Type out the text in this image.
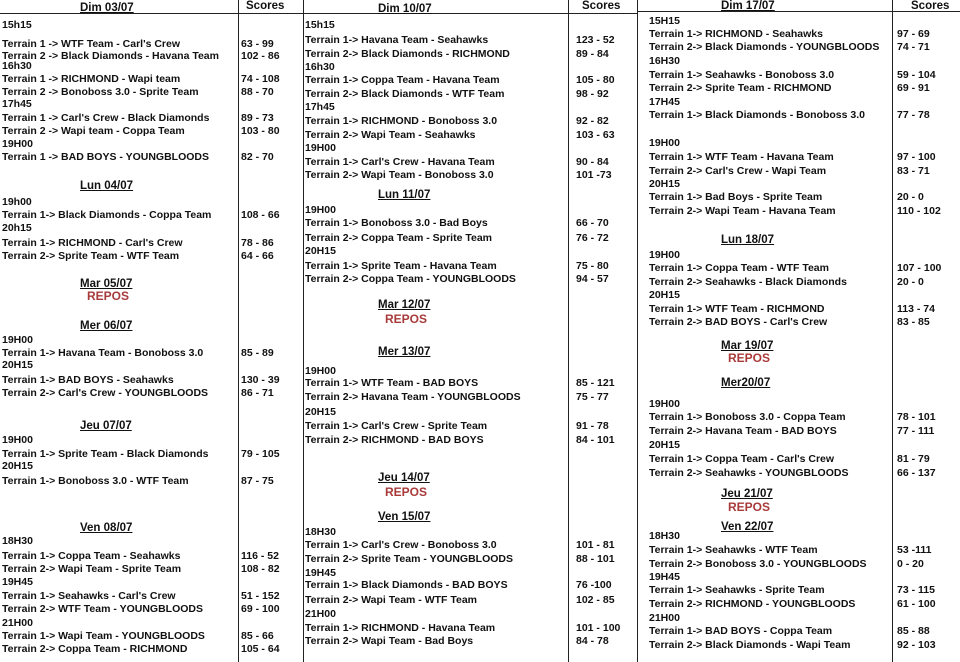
Scores	Scores	Scores
Dim 03/07
15h15
Terrain 1 -> WTF Team - Carl's Crew	63 - 99
Terrain 2 -> Black Diamonds - Havana Team 102 - 86
16h30
Terrain 1 -> RICHMOND - Wapi team	74 - 108
Terrain 2 -> Bonoboss 3.0 - Sprite Team	88 - 70
17h45
Terrain 1 -> Carl's Crew - Black Diamonds	89 - 73
Terrain 2 -> Wapi team - Coppa Team	103 - 80
19H00
Terrain 1 -> BAD BOYS - YOUNGBLOODS	82 - 70
Lun 04/07
19h00
Terrain 1-> Black Diamonds - Coppa Team	108 - 66
20h15
Terrain 1-> RICHMOND - Carl's Crew	78 - 86
Terrain 2-> Sprite Team - WTF Team	64 - 66
Mar 05/07
REPOS
Mer 06/07
19H00
Terrain 1-> Havana Team - Bonoboss 3.0	85 - 89
20H15
Terrain 1-> BAD BOYS - Seahawks	130 - 39
Terrain 2-> Carl's Crew - YOUNGBLOODS	86 - 71
Jeu 07/07
19H00
Terrain 1-> Sprite Team - Black Diamonds	79 - 105
20H15
Terrain 1-> Bonoboss 3.0 - WTF Team	87 - 75
Ven 08/07
18H30
Terrain 1-> Coppa Team - Seahawks	116 - 52
Terrain 2-> Wapi Team - Sprite Team	108 - 82
19H45
Terrain 1-> Seahawks - Carl's Crew	51 - 152
Terrain 2-> WTF Team - YOUNGBLOODS	69 - 100
21H00
Terrain 1-> Wapi Team - YOUNGBLOODS	85 - 66
Terrain 2-> Coppa Team - RICHMOND	105 - 64
Dim 10/07
15h15
Terrain 1-> Havana Team - Seahawks	123 - 52
Terrain 2-> Black Diamonds - RICHMOND	89 - 84
16h30
Terrain 1-> Coppa Team - Havana Team	105 - 80
Terrain 2-> Black Diamonds - WTF Team	98 - 92
17h45
Terrain 1-> RICHMOND - Bonoboss 3.0	92 - 82
Terrain 2-> Wapi Team - Seahawks	103 - 63
19H00
Terrain 1-> Carl's Crew - Havana Team	90 - 84
Terrain 2-> Wapi Team - Bonoboss 3.0	101 -73
Lun 11/07
19H00
Terrain 1-> Bonoboss 3.0 - Bad Boys	66 - 70
Terrain 2-> Coppa Team - Sprite Team	76 - 72
20H15
Terrain 1-> Sprite Team - Havana Team	75 - 80
Terrain 2-> Coppa Team - YOUNGBLOODS	94 - 57
Mar 12/07
REPOS
Mer 13/07
19H00
Terrain 1-> WTF Team - BAD BOYS	85 - 121
Terrain 2-> Havana Team - YOUNGBLOODS	75 - 77
20H15
Terrain 1-> Carl's Crew - Sprite Team	91 - 78
Terrain 2-> RICHMOND - BAD BOYS	84 - 101
Jeu 14/07
REPOS
Ven 15/07
18H30
Terrain 1-> Carl's Crew - Bonoboss 3.0	101 - 81
Terrain 2-> Sprite Team - YOUNGBLOODS	88 - 101
19H45
Terrain 1-> Black Diamonds - BAD BOYS	76 -100
Terrain 2-> Wapi Team - WTF Team	102 - 85
21H00
Terrain 1-> RICHMOND - Havana Team	101 - 100
Terrain 2-> Wapi Team - Bad Boys	84 - 78
Dim 17/07
15H15
Terrain 1-> RICHMOND - Seahawks	97 - 69
Terrain 2-> Black Diamonds - YOUNGBLOODS 74 - 71
16H30
Terrain 1-> Seahawks - Bonoboss 3.0	59 - 104
Terrain 2-> Sprite Team - RICHMOND	69 - 91
17H45
Terrain 1-> Black Diamonds - Bonoboss 3.0	77 - 78
19H00
Terrain 1-> WTF Team - Havana Team	97 - 100
Terrain 2-> Carl's Crew - Wapi Team	83 - 71
20H15
Terrain 1-> Bad Boys - Sprite Team	20 - 0
Terrain 2-> Wapi Team - Havana Team	110 - 102
Lun 18/07
19H00
Terrain 1-> Coppa Team - WTF Team	107 - 100
Terrain 2-> Seahawks - Black Diamonds	20 - 0
20H15
Terrain 1-> WTF Team - RICHMOND	113 - 74
Terrain 2-> BAD BOYS - Carl's Crew	83 - 85
Mar 19/07
REPOS
Mer20/07
19H00
Terrain 1-> Bonoboss 3.0 - Coppa Team	78 - 101
Terrain 2-> Havana Team - BAD BOYS	77 - 111
20H15
Terrain 1-> Coppa Team - Carl's Crew	81 - 79
Terrain 2-> Seahawks - YOUNGBLOODS	66 - 137
Jeu 21/07
REPOS
Ven 22/07
18H30
Terrain 1-> Seahawks - WTF Team	53 -111
Terrain 2-> Bonoboss 3.0 - YOUNGBLOODS	0 - 20
19H45
Terrain 1-> Seahawks - Sprite Team	73 - 115
Terrain 2-> RICHMOND - YOUNGBLOODS	61 - 100
21H00
Terrain 1-> BAD BOYS - Coppa Team	85 - 88
Terrain 2-> Black Diamonds - Wapi Team	92 - 103
